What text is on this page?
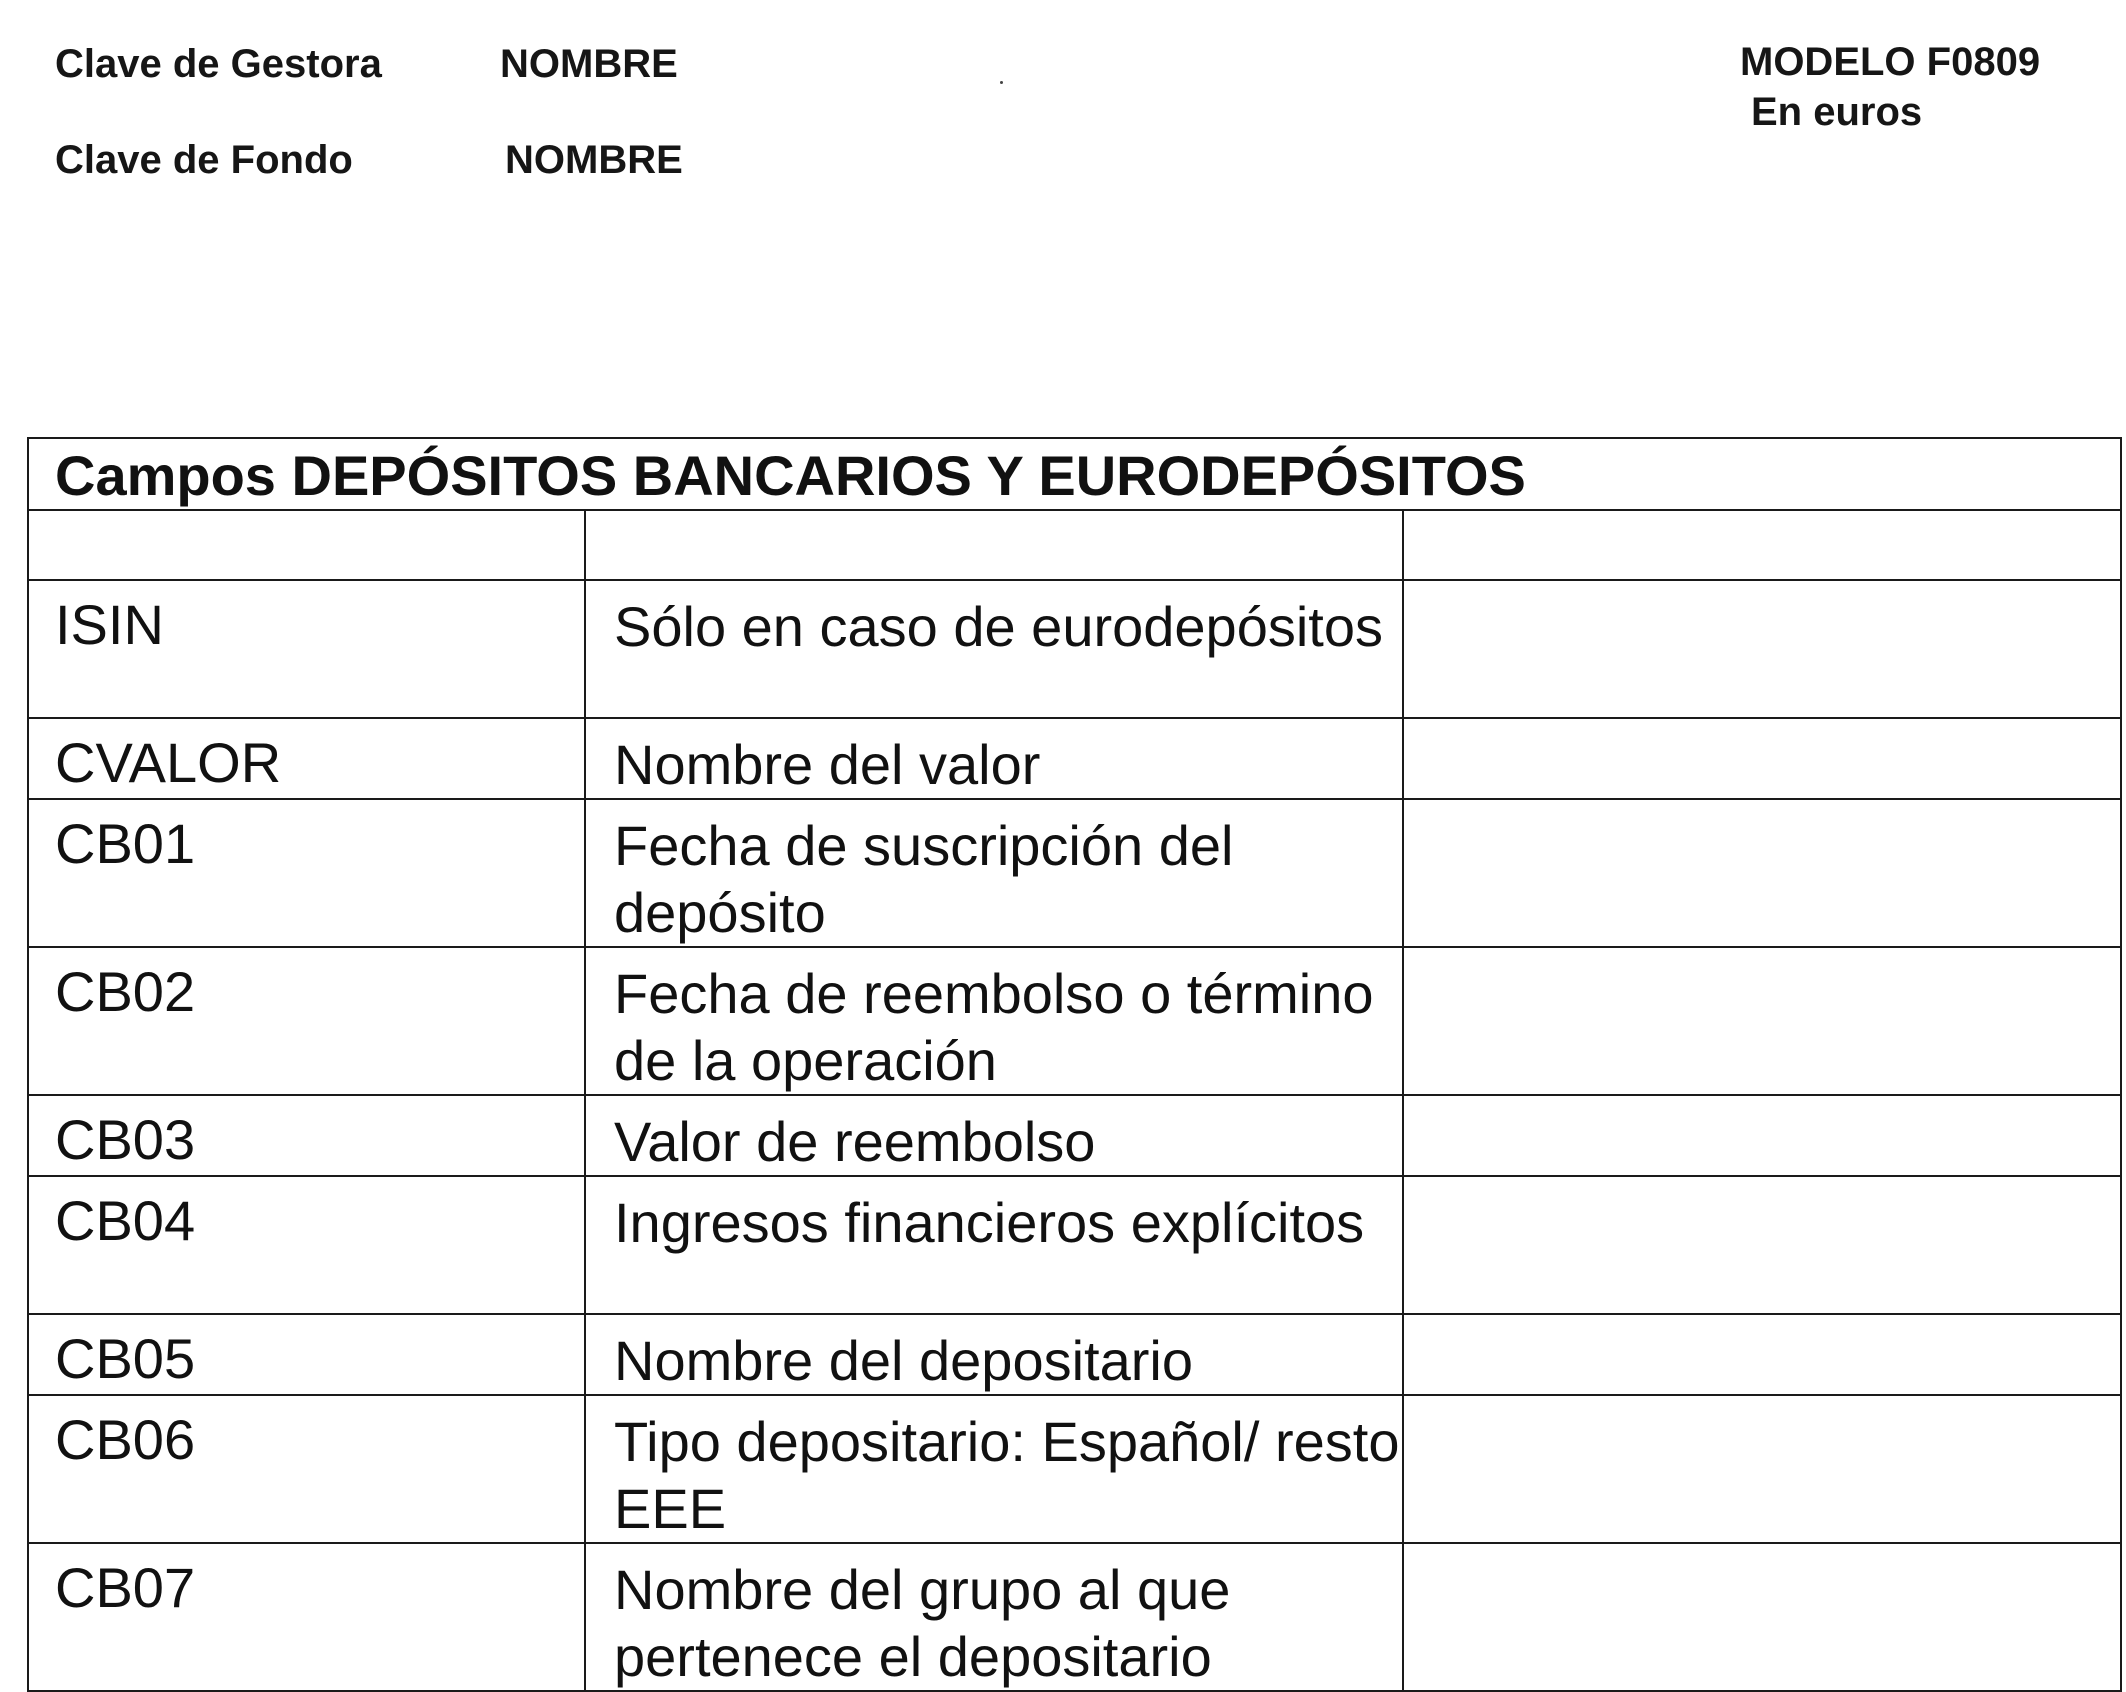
Clave de Gestora	NOMBRE
Clave de Fondo	NOMBRE
MODELO F0809
En euros
Campos DEPÓSITOS BANCARIOS Y EURODEPÓSITOS		

ISIN	Sólo en caso de eurodepósitos	
CVALOR	Nombre del valor	
CB01	Fecha de suscripción del depósito	
CB02	Fecha de reembolso o término de la operación	
CB03	Valor de reembolso	
CB04	Ingresos financieros explícitos	
CB05	Nombre del depositario	
CB06	Tipo depositario: Español/ resto EEE	
CB07	Nombre del grupo al que pertenece el depositario	
